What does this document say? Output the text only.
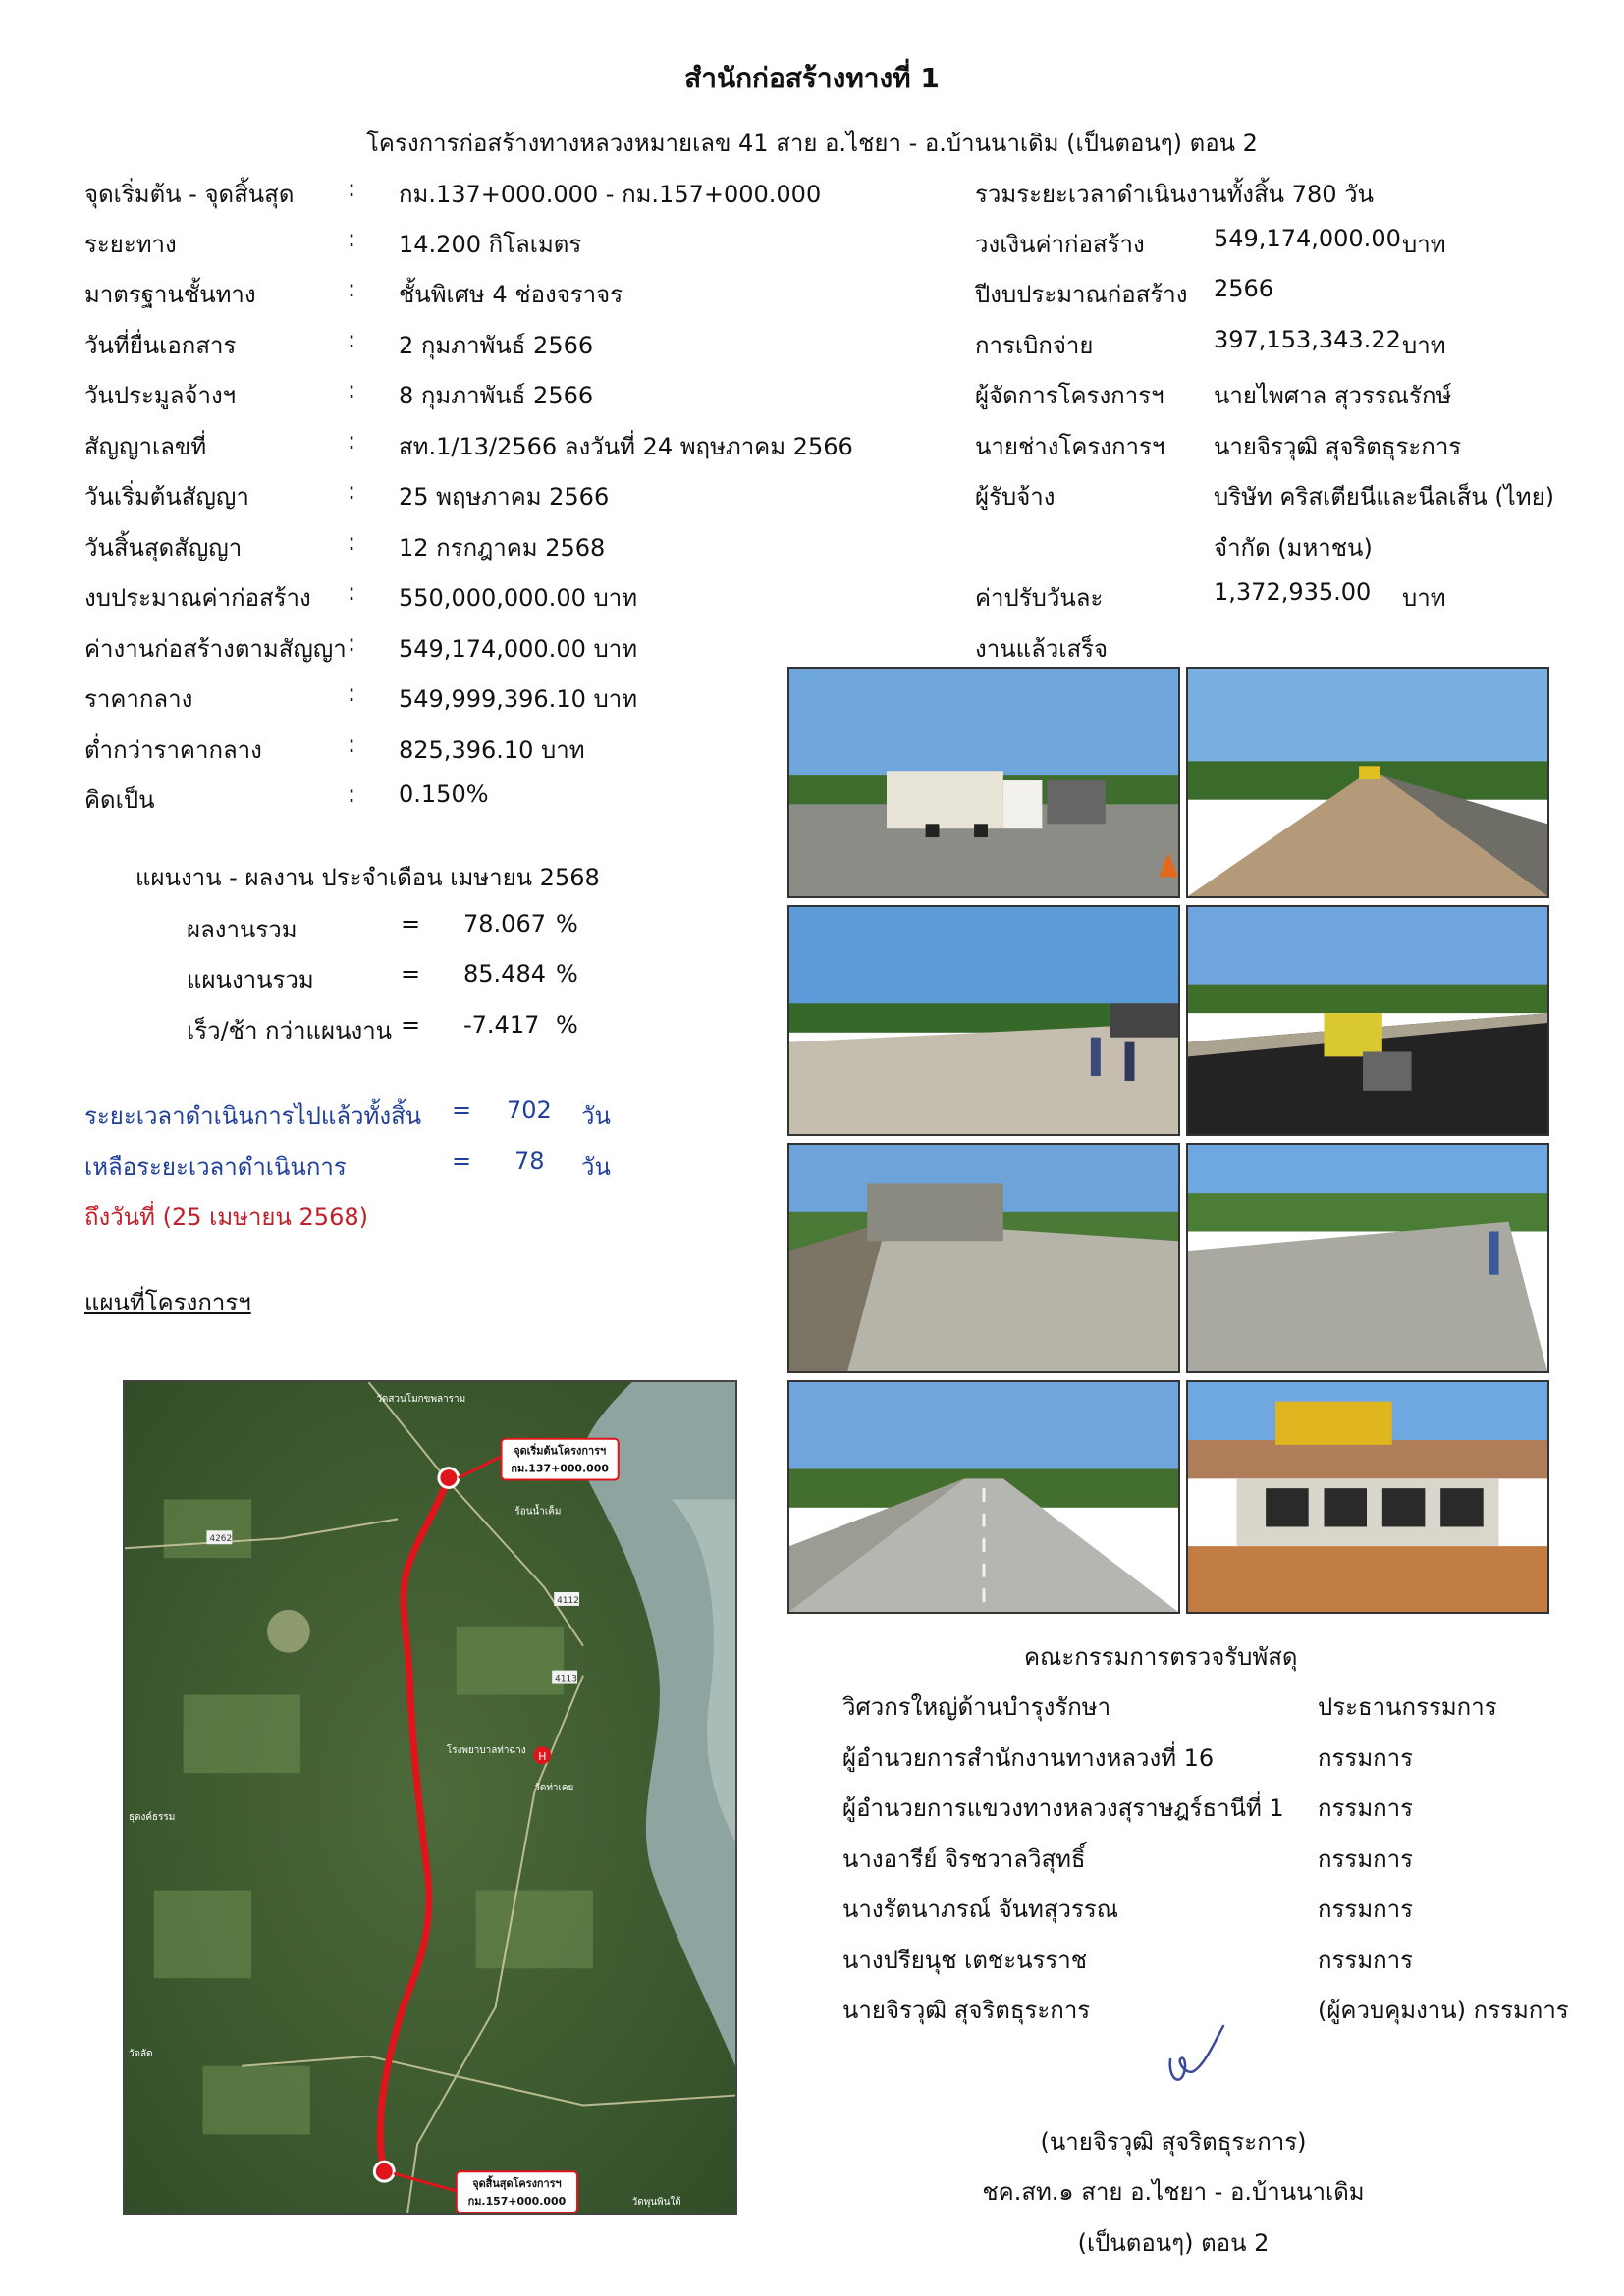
สำนักก่อสร้างทางที่ 1
โครงการก่อสร้างทางหลวงหมายเลข 41 สาย อ.ไชยา - อ.บ้านนาเดิม (เป็นตอนๆ) ตอน 2
จุดเริ่มต้น - จุดสิ้นสุด : กม.137+000.000 - กม.157+000.000
ระยะทาง	: 14.200 กิโลเมตร
มาตรฐานชั้นทาง	: ชั้นพิเศษ 4 ช่องจราจร
วันที่ยื่นเอกสาร	: 2 กุมภาพันธ์ 2566
วันประมูลจ้างฯ	: 8 กุมภาพันธ์ 2566
สัญญาเลขที่	: สท.1/13/2566 ลงวันที่ 24 พฤษภาคม 2566
วันเริ่มต้นสัญญา	: 25 พฤษภาคม 2566
วันสิ้นสุดสัญญา	: 12 กรกฎาคม 2568
งบประมาณค่าก่อสร้าง : 550,000,000.00 บาท
ค่างานก่อสร้างตามสัญญา : 549,174,000.00 บาท
ราคากลาง	: 549,999,396.10 บาท
ต่ำกว่าราคากลาง	: 825,396.10 บาท
คิดเป็น	: 0.150%
รวมระยะเวลาดำเนินงานทั้งสิ้น 780 วัน
วงเงินค่าก่อสร้าง	549,174,000.00 บาท
ปีงบประมาณก่อสร้าง 2566
การเบิกจ่าย	397,153,343.22 บาท
ผู้จัดการโครงการฯ นายไพศาล สุวรรณรักษ์
นายช่างโครงการฯ นายจิรวุฒิ สุจริตธุระการ
ผู้รับจ้าง	บริษัท คริสเตียนีและนีลเส็น (ไทย)
จำกัด (มหาชน)
ค่าปรับวันละ	1,372,935.00 บาท
งานแล้วเสร็จ
แผนงาน - ผลงาน ประจำเดือน เมษายน 2568
ผลงานรวม	= 78.067 %
แผนงานรวม	= 85.484 %
เร็ว/ช้า กว่าแผนงาน = -7.417 %
ระยะเวลาดำเนินการไปแล้วทั้งสิ้น = 702 วัน
เหลือระยะเวลาดำเนินการ	= 78 วัน
ถึงวันที่ (25 เมษายน 2568)
แผนที่โครงการฯ
จุดเริ่มต้นโครงการฯ
กม.137+000.000
จุดสิ้นสุดโครงการฯ
กม.157+000.000
วัดสวนโมกขพลาราม
ร้อนน้ำเค็ม
โรงพยาบาลท่าฉาง
วัดท่าเคย
ธุดงค์ธรรม
วัดพุนพินใต้
วัดลัด
4262
4112
4113
H
คณะกรรมการตรวจรับพัสดุ
วิศวกรใหญ่ด้านบำรุงรักษา	ประธานกรรมการ
ผู้อำนวยการสำนักงานทางหลวงที่ 16	กรรมการ
ผู้อำนวยการแขวงทางหลวงสุราษฎร์ธานีที่ 1 กรรมการ
นางอารีย์ จิรชวาลวิสุทธิ์	กรรมการ
นางรัตนาภรณ์ จันทสุวรรณ	กรรมการ
นางปรียนุช เตชะนรราช	กรรมการ
นายจิรวุฒิ สุจริตธุระการ	(ผู้ควบคุมงาน) กรรมการ
(นายจิรวุฒิ สุจริตธุระการ)
ชค.สท.๑ สาย อ.ไชยา - อ.บ้านนาเดิม
(เป็นตอนๆ) ตอน 2
